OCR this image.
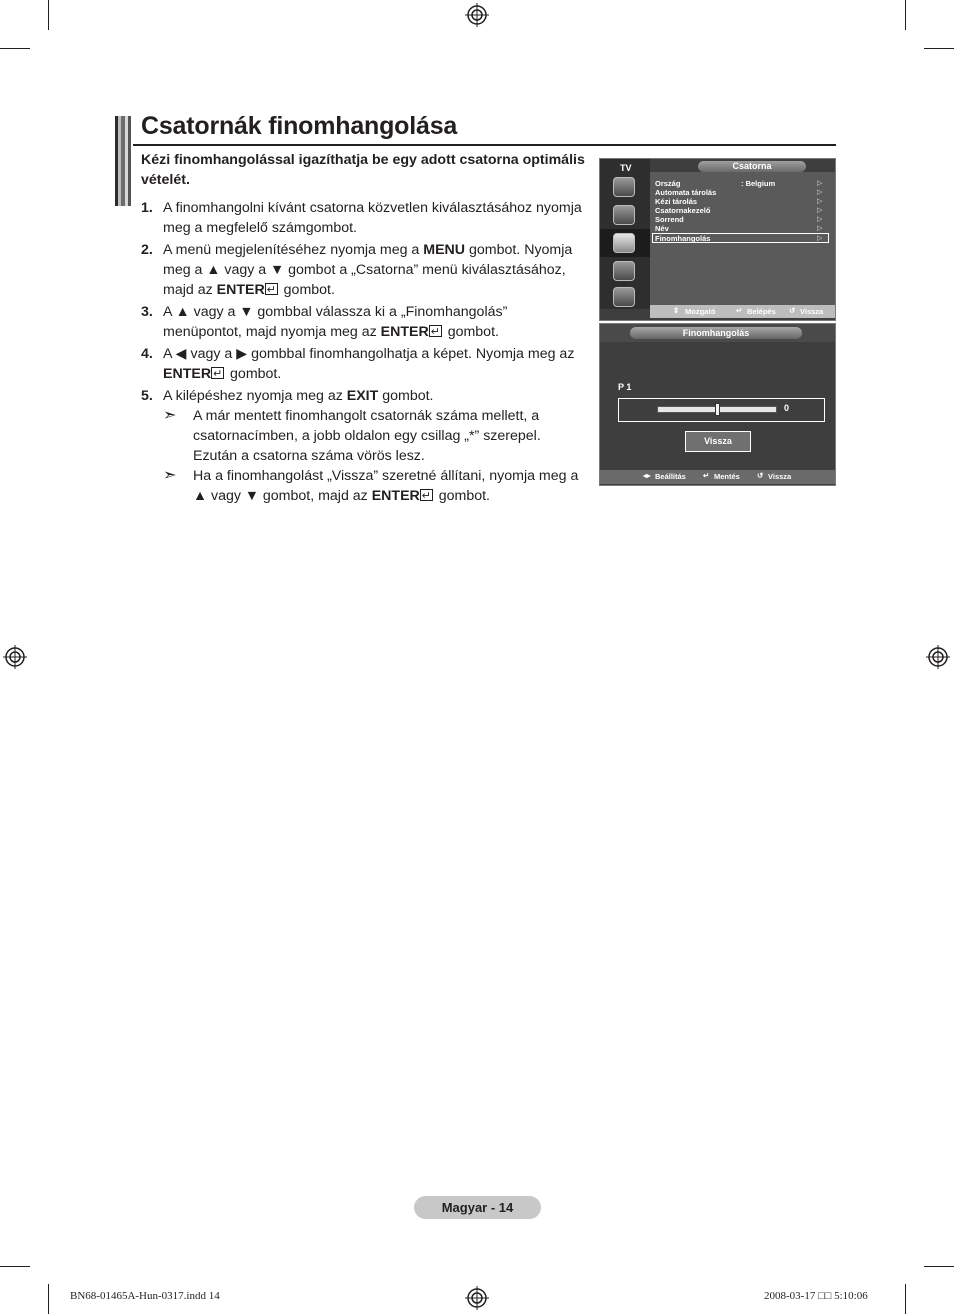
Csatornák finomhangolása

Kézi finomhangolással igazíthatja be egy adott csatorna optimális vételét.

1. A finomhangolni kívánt csatorna közvetlen kiválasztásához nyomja meg a megfelelő számgombot.
2. A menü megjelenítéséhez nyomja meg a MENU gombot. Nyomja meg a ▲ vagy a ▼ gombot a „Csatorna” menü kiválasztásához, majd az ENTER↵ gombot.
3. A ▲ vagy a ▼ gombbal válassza ki a „Finomhangolás” menüpontot, majd nyomja meg az ENTER↵ gombot.
4. A ◀ vagy a ▶ gombbal finomhangolhatja a képet. Nyomja meg az ENTER↵ gombot.
5. A kilépéshez nyomja meg az EXIT gombot.
➣ A már mentett finomhangolt csatornák száma mellett, a csatornacímben, a jobb oldalon egy csillag „*” szerepel. Ezután a csatorna száma vörös lesz.
➣ Ha a finomhangolást „Vissza” szeretné állítani, nyomja meg a ▲ vagy ▼ gombot, majd az ENTER↵ gombot.
TV	Csatorna
Ország	: Belgium
Automata tárolás
Kézi tárolás
Csatornakezelő
Sorrend
Név
Finomhangolás
▷
▷
▷
▷
▷
▷
▷
⇕ Mozgató	↵ Belépés ↺ Vissza
Finomhangolás
P 1
0
Vissza
◂▸ Beállítás ↵ Mentés ↺ Vissza
Magyar - 14
BN68-01465A-Hun-0317.indd 14	2008-03-17 □□ 5:10:06
